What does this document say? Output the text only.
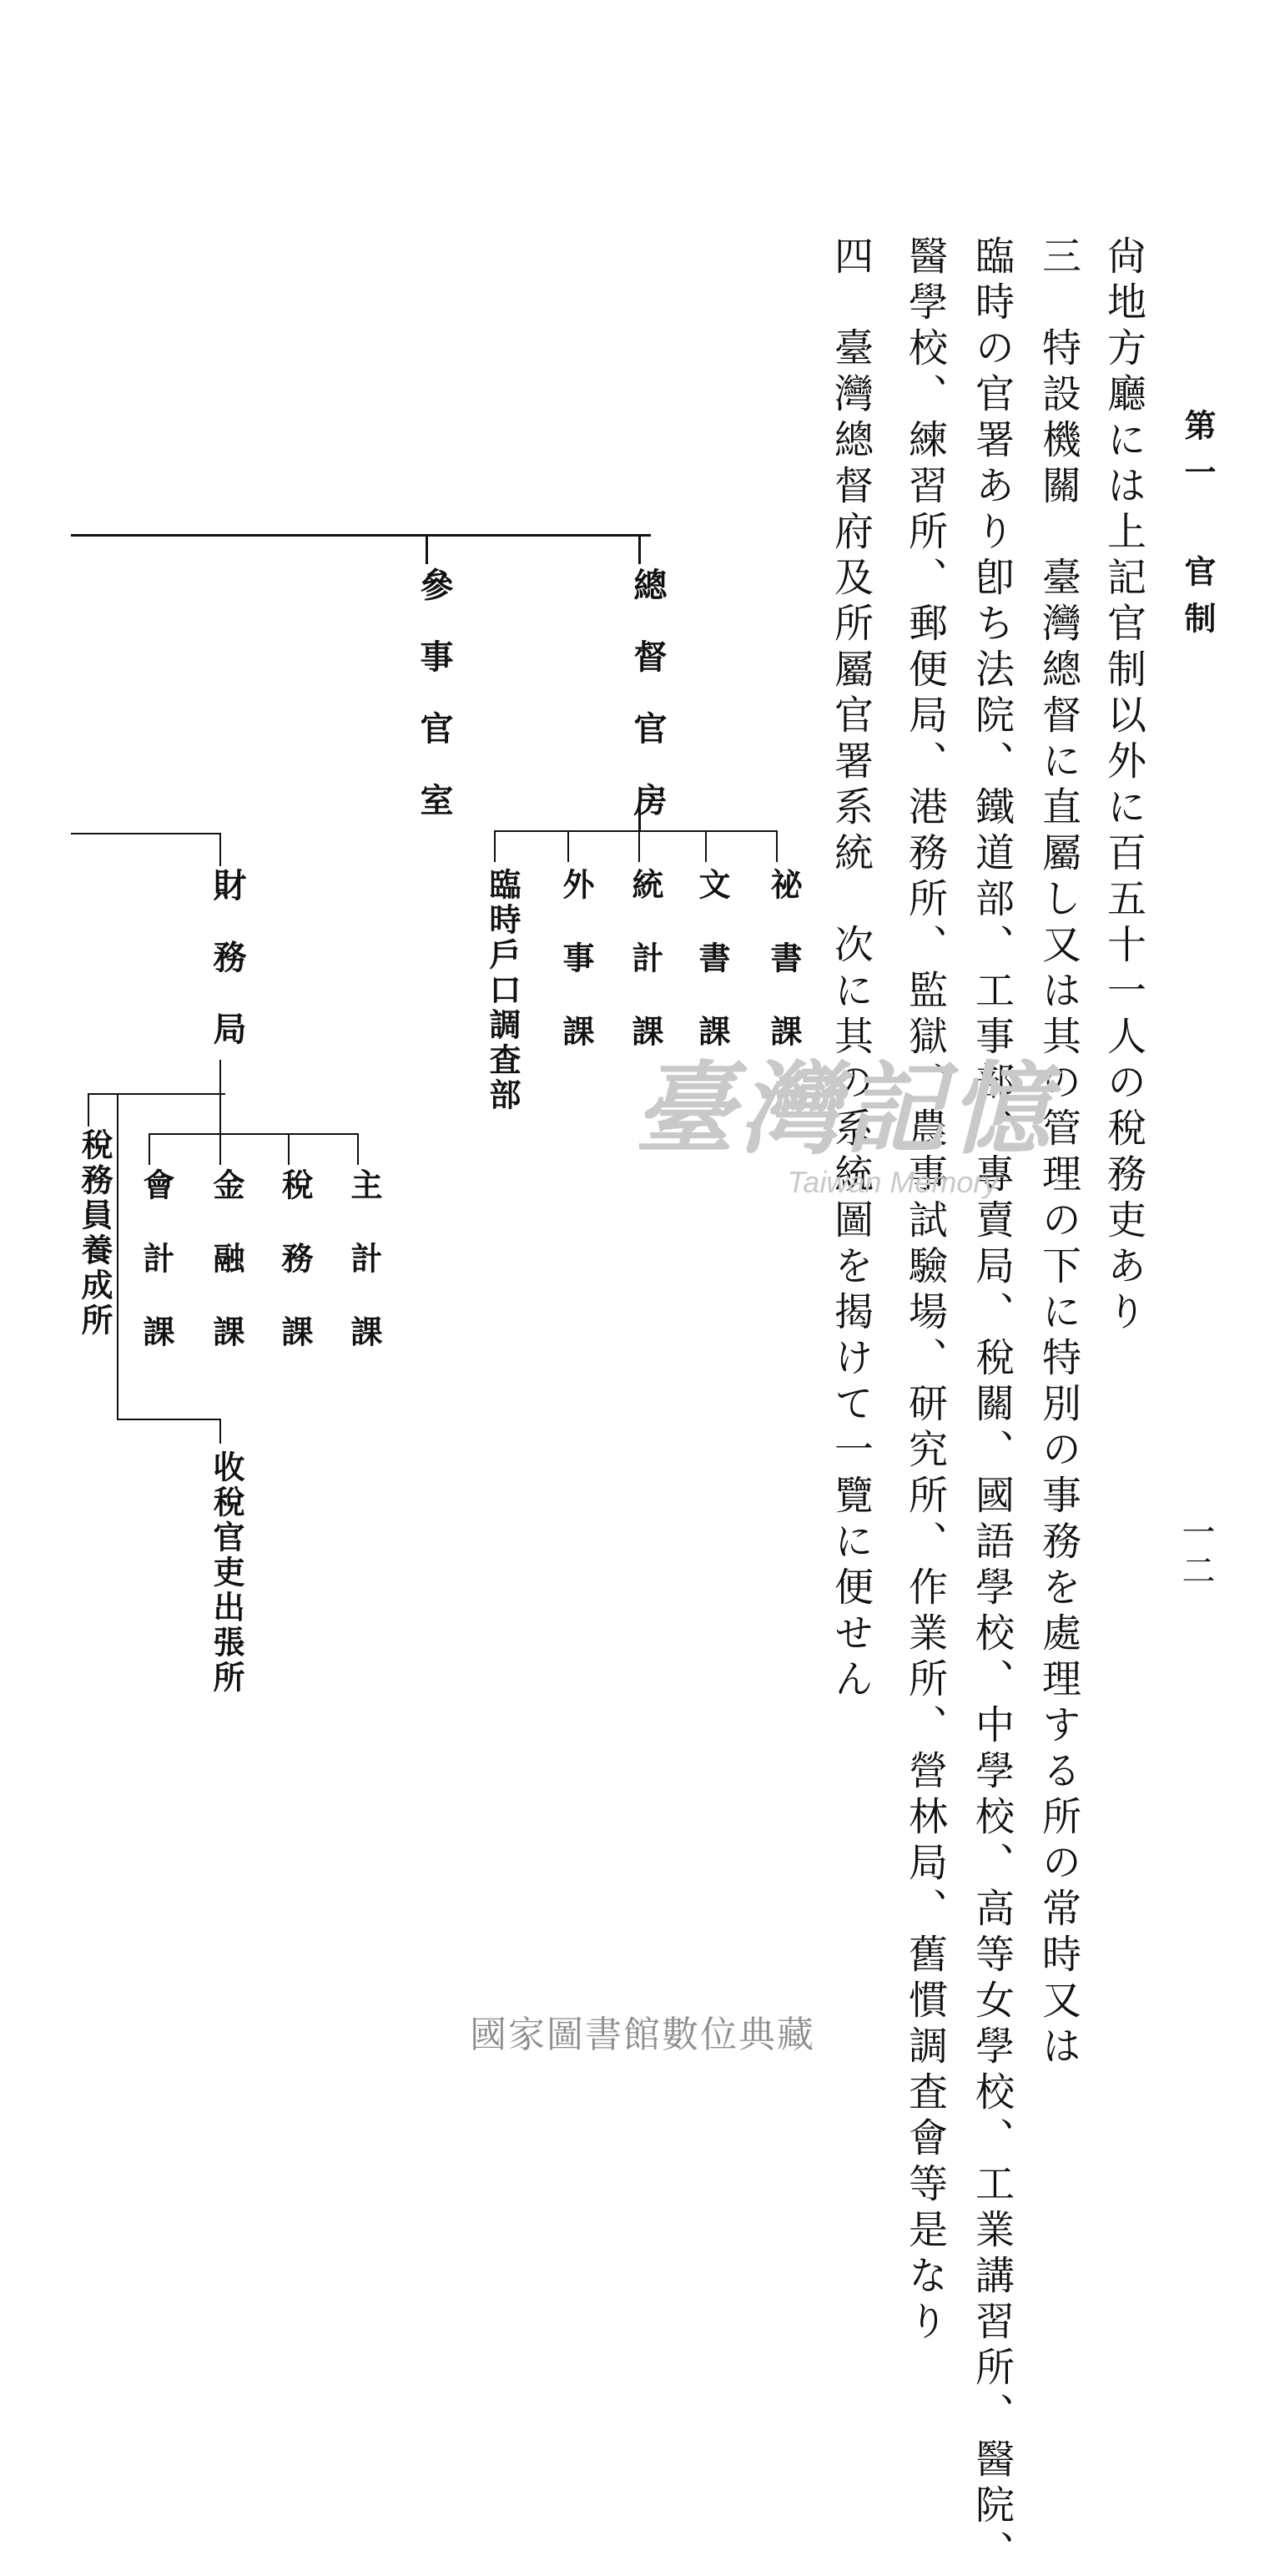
第一 官制
一二
尙地方廳には上記官制以外に百五十一人の稅務吏あり
三　特設機關　臺灣總督に直屬し又は其の管理の下に特別の事務を處理する所の常時又は
臨時の官署あり卽ち法院、鐵道部、工事部、專賣局、稅關、國語學校、中學校、高等女學校、工業講習所、醫院、
醫學校、練習所、郵便局、港務所、監獄、農事試驗場、研究所、作業所、營林局、舊慣調査會等是なり
四　臺灣總督府及所屬官署系統　次に其の系統圖を揭けて一覽に便せん
總督官房
參事官室
祕書課
文書課
統計課
外事課
臨時戶口調査部
財務局
主計課
稅務課
金融課
會計課
稅務員養成所
收稅官吏出張所
臺灣記憶
Taiwan Memory
國家圖書館數位典藏
